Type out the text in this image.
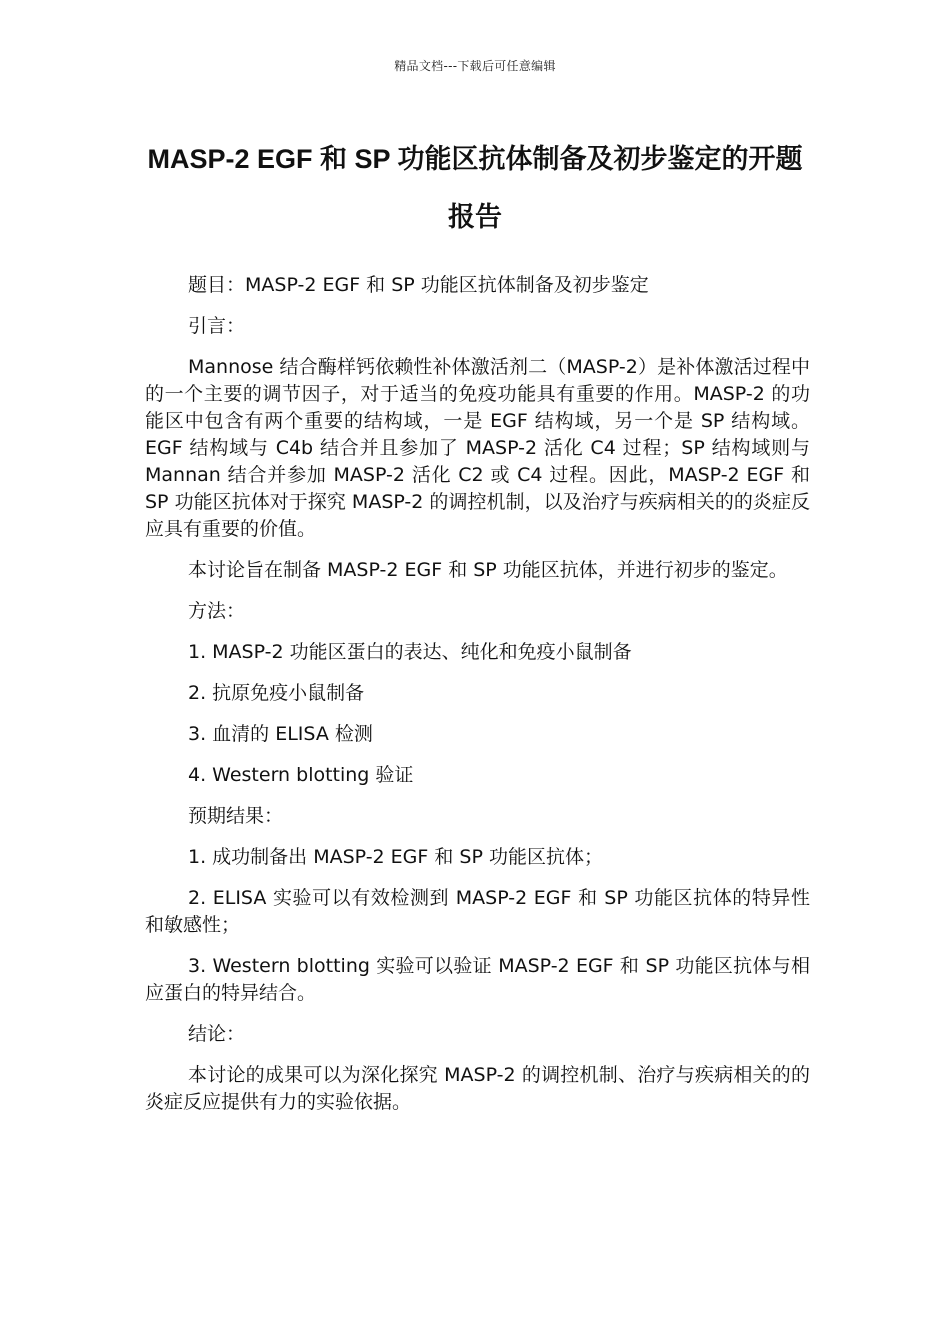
精品文档---下载后可任意编辑
MASP-2 EGF 和 SP 功能区抗体制备及初步鉴定的开题报告

题目：MASP-2 EGF 和 SP 功能区抗体制备及初步鉴定

引言：

Mannose 结合酶样钙依赖性补体激活剂二（MASP-2）是补体激活过程中的一个主要的调节因子，对于适当的免疫功能具有重要的作用。MASP-2 的功能区中包含有两个重要的结构域，一是 EGF 结构域，另一个是 SP 结构域。EGF 结构域与 C4b 结合并且参加了 MASP-2 活化 C4 过程；SP 结构域则与 Mannan 结合并参加 MASP-2 活化 C2 或 C4 过程。因此，MASP-2 EGF 和 SP 功能区抗体对于探究 MASP-2 的调控机制，以及治疗与疾病相关的的炎症反应具有重要的价值。

本讨论旨在制备 MASP-2 EGF 和 SP 功能区抗体，并进行初步的鉴定。

方法：

1. MASP-2 功能区蛋白的表达、纯化和免疫小鼠制备

2. 抗原免疫小鼠制备

3. 血清的 ELISA 检测

4. Western blotting 验证

预期结果：

1. 成功制备出 MASP-2 EGF 和 SP 功能区抗体；

2. ELISA 实验可以有效检测到 MASP-2 EGF 和 SP 功能区抗体的特异性和敏感性；

3. Western blotting 实验可以验证 MASP-2 EGF 和 SP 功能区抗体与相应蛋白的特异结合。

结论：

本讨论的成果可以为深化探究 MASP-2 的调控机制、治疗与疾病相关的的炎症反应提供有力的实验依据。
